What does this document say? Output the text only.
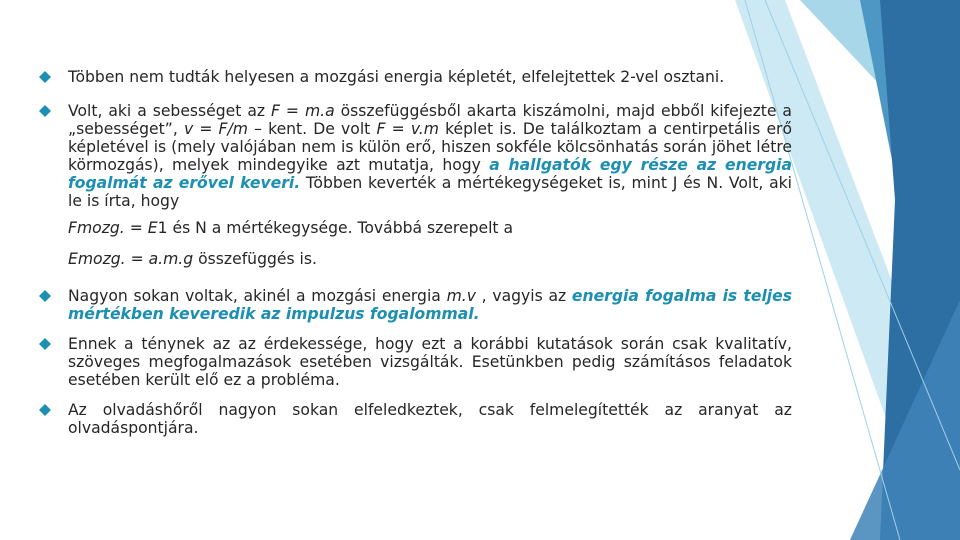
Többen nem tudták helyesen a mozgási energia képletét, elfelejtettek 2-vel osztani.
Volt, aki a sebességet az F = m.a összefüggésből akarta kiszámolni, majd ebből kifejezte a „sebességet”, v = F/m – kent. De volt F = v.m képlet is. De találkoztam a centirpetális erő képletével is (mely valójában nem is külön erő, hiszen sokféle kölcsönhatás során jöhet létre körmozgás), melyek mindegyike azt mutatja, hogy a hallgatók egy része az energia fogalmát az erővel keveri. Többen keverték a mértékegységeket is, mint J és N. Volt, aki le is írta, hogy
Fmozg. = E1 és N a mértékegysége. Továbbá szerepelt a
Emozg. = a.m.g összefüggés is.
Nagyon sokan voltak, akinél a mozgási energia m.v , vagyis az energia fogalma is teljes mértékben keveredik az impulzus fogalommal.
Ennek a ténynek az az érdekessége, hogy ezt a korábbi kutatások során csak kvalitatív, szöveges megfogalmazások esetében vizsgálták. Esetünkben pedig számításos feladatok esetében került elő ez a probléma.
Az olvadáshőről nagyon sokan elfeledkeztek, csak felmelegítették az aranyat az olvadáspontjára.
